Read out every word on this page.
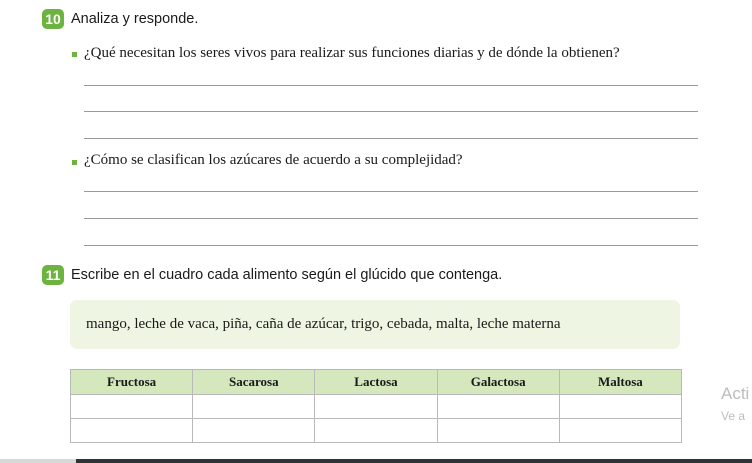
10 Analiza y responde.
¿Qué necesitan los seres vivos para realizar sus funciones diarias y de dónde la obtienen?
¿Cómo se clasifican los azúcares de acuerdo a su complejidad?
11 Escribe en el cuadro cada alimento según el glúcido que contenga.
mango, leche de vaca, piña, caña de azúcar, trigo, cebada, malta, leche materna
Fructosa	Sacarosa	Lactosa	Galactosa	Maltosa

Acti
Ve a
